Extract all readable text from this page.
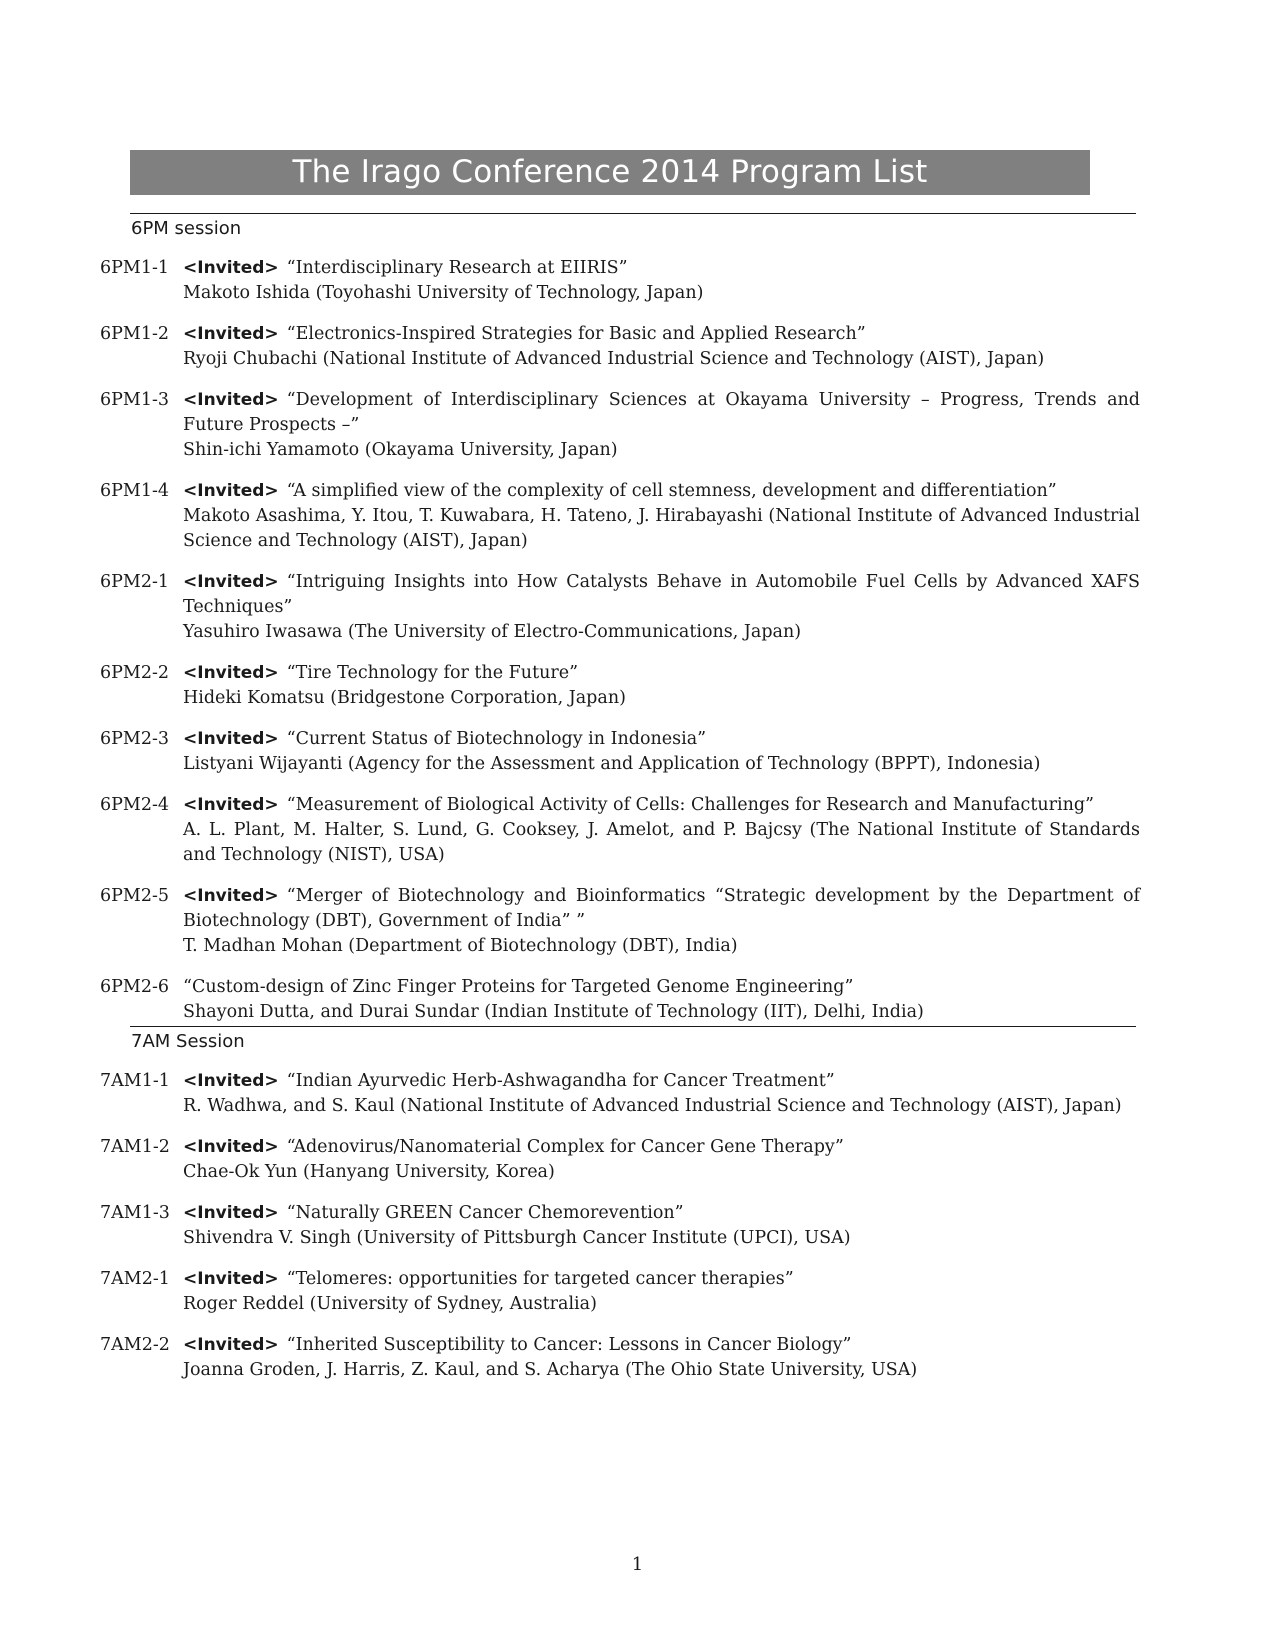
The Irago Conference 2014 Program List
6PM session
6PM1-1 <Invited> “Interdisciplinary Research at EIIRIS”
Makoto Ishida (Toyohashi University of Technology, Japan)
6PM1-2 <Invited> “Electronics-Inspired Strategies for Basic and Applied Research”
Ryoji Chubachi (National Institute of Advanced Industrial Science and Technology (AIST), Japan)
6PM1-3 <Invited> “Development of Interdisciplinary Sciences at Okayama University – Progress, Trends and Future Prospects –”
Shin-ichi Yamamoto (Okayama University, Japan)
6PM1-4 <Invited> “A simplified view of the complexity of cell stemness, development and differentiation”
Makoto Asashima, Y. Itou, T. Kuwabara, H. Tateno, J. Hirabayashi (National Institute of Advanced Industrial Science and Technology (AIST), Japan)
6PM2-1 <Invited> “Intriguing Insights into How Catalysts Behave in Automobile Fuel Cells by Advanced XAFS Techniques”
Yasuhiro Iwasawa (The University of Electro-Communications, Japan)
6PM2-2 <Invited> “Tire Technology for the Future”
Hideki Komatsu (Bridgestone Corporation, Japan)
6PM2-3 <Invited> “Current Status of Biotechnology in Indonesia”
Listyani Wijayanti (Agency for the Assessment and Application of Technology (BPPT), Indonesia)
6PM2-4 <Invited> “Measurement of Biological Activity of Cells: Challenges for Research and Manufacturing”
A. L. Plant, M. Halter, S. Lund, G. Cooksey, J. Amelot, and P. Bajcsy (The National Institute of Standards and Technology (NIST), USA)
6PM2-5 <Invited> “Merger of Biotechnology and Bioinformatics “Strategic development by the Department of Biotechnology (DBT), Government of India” ”
T. Madhan Mohan (Department of Biotechnology (DBT), India)
6PM2-6 “Custom-design of Zinc Finger Proteins for Targeted Genome Engineering”
Shayoni Dutta, and Durai Sundar (Indian Institute of Technology (IIT), Delhi, India)
7AM Session
7AM1-1 <Invited> “Indian Ayurvedic Herb-Ashwagandha for Cancer Treatment”
R. Wadhwa, and S. Kaul (National Institute of Advanced Industrial Science and Technology (AIST), Japan)
7AM1-2 <Invited> “Adenovirus/Nanomaterial Complex for Cancer Gene Therapy”
Chae-Ok Yun (Hanyang University, Korea)
7AM1-3 <Invited> “Naturally GREEN Cancer Chemorevention”
Shivendra V. Singh (University of Pittsburgh Cancer Institute (UPCI), USA)
7AM2-1 <Invited> “Telomeres: opportunities for targeted cancer therapies”
Roger Reddel (University of Sydney, Australia)
7AM2-2 <Invited> “Inherited Susceptibility to Cancer: Lessons in Cancer Biology”
Joanna Groden, J. Harris, Z. Kaul, and S. Acharya (The Ohio State University, USA)
1
